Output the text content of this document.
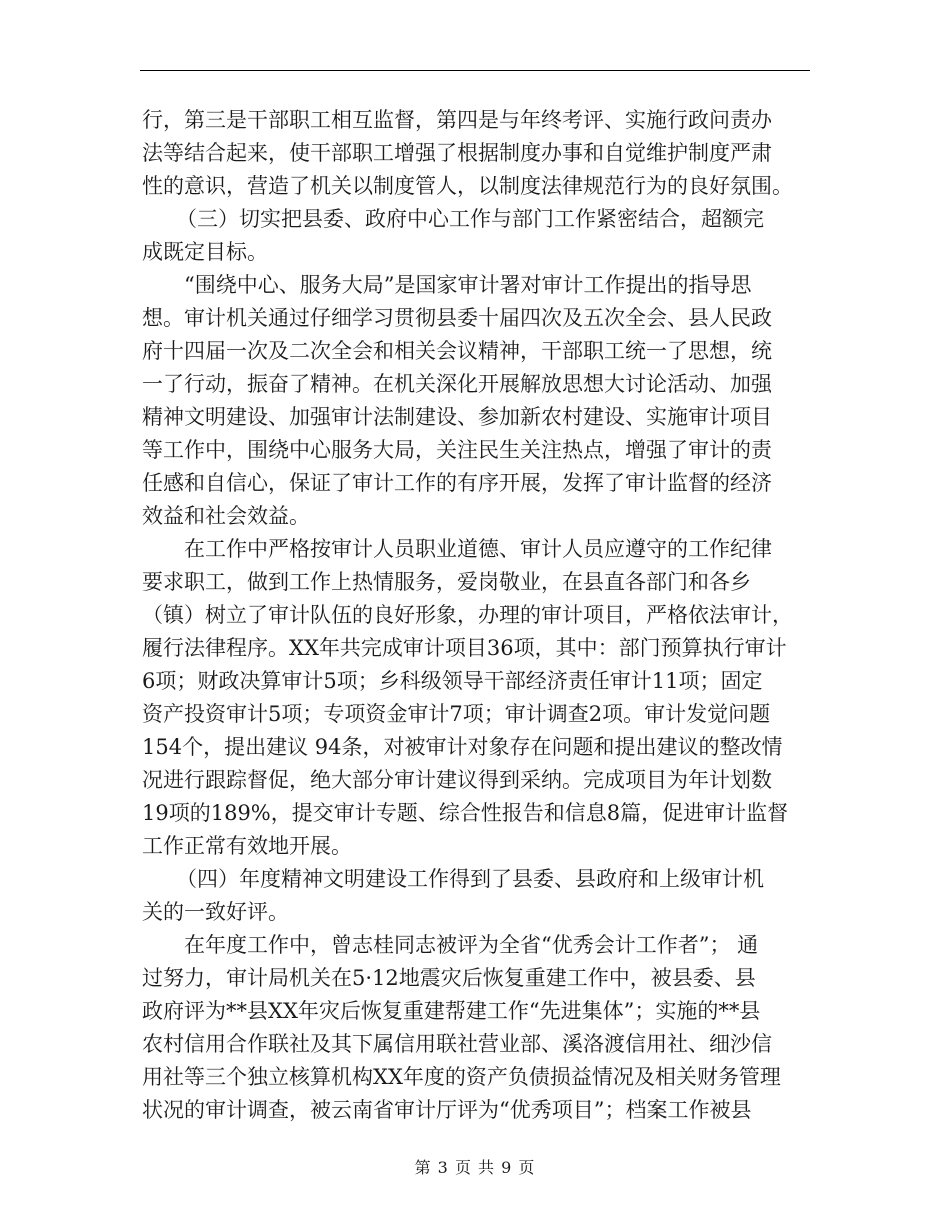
行，第三是干部职工相互监督，第四是与年终考评、实施行政问责办
法等结合起来，使干部职工增强了根据制度办事和自觉维护制度严肃
性的意识，营造了机关以制度管人，以制度法律规范行为的良好氛围。
（三）切实把县委、政府中心工作与部门工作紧密结合，超额完
成既定目标。
“围绕中心、服务大局”是国家审计署对审计工作提出的指导思
想。审计机关通过仔细学习贯彻县委十届四次及五次全会、县人民政
府十四届一次及二次全会和相关会议精神，干部职工统一了思想，统
一了行动，振奋了精神。在机关深化开展解放思想大讨论活动、加强
精神文明建设、加强审计法制建设、参加新农村建设、实施审计项目
等工作中，围绕中心服务大局，关注民生关注热点，增强了审计的责
任感和自信心，保证了审计工作的有序开展，发挥了审计监督的经济
效益和社会效益。
在工作中严格按审计人员职业道德、审计人员应遵守的工作纪律
要求职工，做到工作上热情服务，爱岗敬业，在县直各部门和各乡
（镇）树立了审计队伍的良好形象，办理的审计项目，严格依法审计，
履行法律程序。XX年共完成审计项目36项，其中：部门预算执行审计
6项；财政决算审计5项；乡科级领导干部经济责任审计11项；固定
资产投资审计5项；专项资金审计7项；审计调查2项。审计发觉问题
154个，提出建议 94条，对被审计对象存在问题和提出建议的整改情
况进行跟踪督促，绝大部分审计建议得到采纳。完成项目为年计划数
19项的189%，提交审计专题、综合性报告和信息8篇，促进审计监督
工作正常有效地开展。
（四）年度精神文明建设工作得到了县委、县政府和上级审计机
关的一致好评。
在年度工作中，曾志桂同志被评为全省“优秀会计工作者”； 通
过努力，审计局机关在5·12地震灾后恢复重建工作中，被县委、县
政府评为**县XX年灾后恢复重建帮建工作“先进集体”；实施的**县
农村信用合作联社及其下属信用联社营业部、溪洛渡信用社、细沙信
用社等三个独立核算机构XX年度的资产负债损益情况及相关财务管理
状况的审计调查，被云南省审计厅评为“优秀项目”；档案工作被县
第 3 页 共 9 页
